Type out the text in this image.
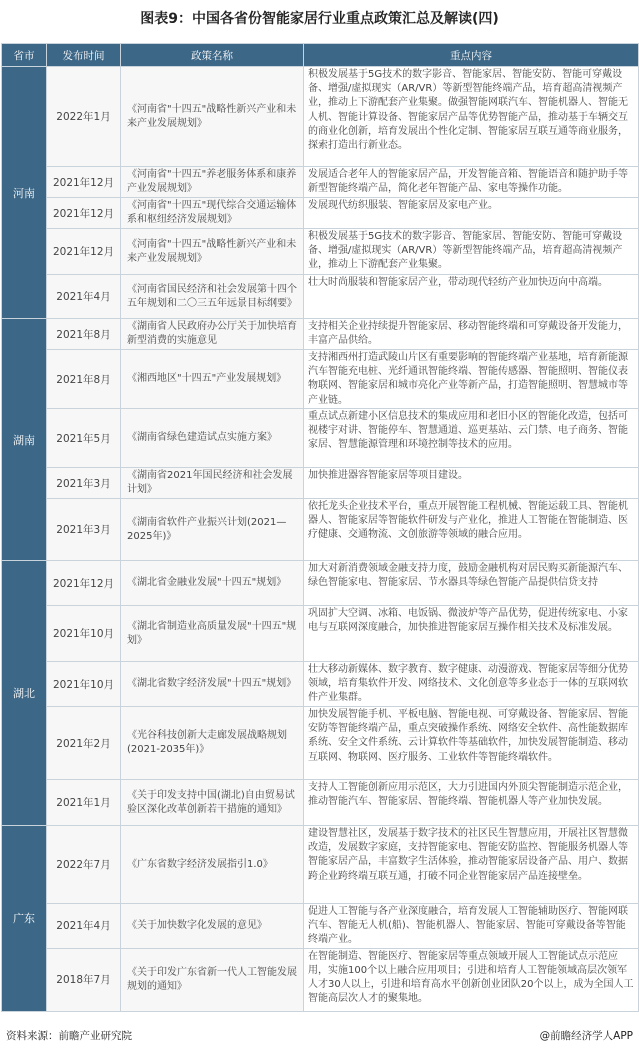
图表9：中国各省份智能家居行业重点政策汇总及解读(四)
省市	发布时间	政策名称	重点内容
河南	2022年1月	《河南省"十四五"战略性新兴产业和未来产业发展规划》	积极发展基于5G技术的数字影音、智能家居、智能安防、智能可穿戴设备、增强/虚拟现实（AR/VR）等新型智能终端产品，培育超高清视频产业，推动上下游配套产业集聚。做强智能网联汽车、智能机器人、智能无人机、智能计算设备、智能家居产品等优势智能产品，推动基于车辆交互的商业化创新，培育发展出个性化定制、智能家居互联互通等商业服务，探索打造出行新业态。
	2021年12月	《河南省"十四五"养老服务体系和康养产业发展规划》	发展适合老年人的智能家居产品，开发智能音箱、智能语音和随护助手等新型智能终端产品，简化老年智能产品、家电等操作功能。
	2021年12月	《河南省"十四五"现代综合交通运输体系和枢纽经济发展规划》	发展现代纺织服装、智能家居及家电产业。
	2021年12月	《河南省"十四五"战略性新兴产业和未来产业发展规划》	积极发展基于5G技术的数字影音、智能家居、智能安防、智能可穿戴设备、增强/虚拟现实（AR/VR）等新型智能终端产品，培育超高清视频产业，推动上下游配套产业集聚。
	2021年4月	《河南省国民经济和社会发展第十四个五年规划和二〇三五年远景目标纲要》	壮大时尚服装和智能家居产业，带动现代轻纺产业加快迈向中高端。
湖南	2021年8月	《湖南省人民政府办公厅关于加快培育新型消费的实施意见	支持相关企业持续提升智能家居、移动智能终端和可穿戴设备开发能力，丰富产品供给。
	2021年8月	《湘西地区"十四五"产业发展规划》	支持湘西州打造武陵山片区有重要影响的智能终端产业基地，培育新能源汽车智能充电桩、光纤通讯智能终端、智能传感器、智能照明、智能仪表物联网、智能家居和城市亮化产业等新产品，打造智能照明、智慧城市等产业链。
	2021年5月	《湖南省绿色建造试点实施方案》	重点试点新建小区信息技术的集成应用和老旧小区的智能化改造，包括可视楼宇对讲、智能停车、智慧通道、巡更基站、云门禁、电子商务、智能家居、智慧能源管理和环境控制等技术的应用。
	2021年3月	《湖南省2021年国民经济和社会发展计划》	加快推进器容智能家居等项目建设。
	2021年3月	《湖南省软件产业振兴计划(2021—2025年)》	依托龙头企业技术平台，重点开展智能工程机械、智能运载工具、智能机器人、智能家居等智能软件研发与产业化，推进人工智能在智能制造、医疗健康、交通物流、文创旅游等领域的融合应用。
湖北	2021年12月	《湖北省金融业发展"十四五"规划》	加大对新消费领域金融支持力度，鼓励金融机构对居民购买新能源汽车、绿色智能家电、智能家居、节水器具等绿色智能产品提供信贷支持
	2021年10月	《湖北省制造业高质量发展"十四五"规划》	巩固扩大空调、冰箱、电饭锅、微波炉等产品优势，促进传统家电、小家电与互联网深度融合，加快推进智能家居互操作相关技术及标准发展。
	2021年10月	《湖北省数字经济发展"十四五"规划》	壮大移动新媒体、数字教育、数字健康、动漫游戏、智能家居等细分优势领域，培育集软件开发、网络技术、文化创意等多业态于一体的互联网软件产业集群。
	2021年2月	《光谷科技创新大走廊发展战略规划(2021-2035年)》	加快发展智能手机、平板电脑、智能电视、可穿戴设备、智能家居、智能安防等智能终端产品，重点突破操作系统、网络安全软件、高性能数据库系统、安全文件系统、云计算软件等基础软件，加快发展智能制造、移动互联网、物联网、医疗服务、工业软件等智能终端软件。
	2021年1月	《关于印发支持中国(湖北)自由贸易试验区深化改革创新若干措施的通知》	支持人工智能创新应用示范区，大力引进国内外顶尖智能制造示范企业，推动智能汽车、智能家居、智能终端、智能机器人等产业加快发展。
广东	2022年7月	《广东省数字经济发展指引1.0》	建设智慧社区，发展基于数字技术的社区民生智慧应用，开展社区智慧微改造，发展数字家庭，支持智能家电、智能安防监控、智能服务机器人等智能家居产品，丰富数字生活体验，推动智能家居设备产品、用户、数据跨企业跨终端互联互通，打破不同企业智能家居产品连接壁垒。
	2021年4月	《关于加快数字化发展的意见》	促进人工智能与各产业深度融合，培育发展人工智能辅助医疗、智能网联汽车、智能无人机(船)、智能机器人、智能家居、智能可穿戴设备等智能终端产业。
	2018年7月	《关于印发广东省新一代人工智能发展规划的通知》	在智能制造、智能医疗、智能家居等重点领域开展人工智能试点示范应用，实施100个以上融合应用项目；引进和培育人工智能领域高层次领军人才30人以上，引进和培育高水平创新创业团队20个以上，成为全国人工智能高层次人才的聚集地。
资料来源：前瞻产业研究院	@前瞻经济学人APP
